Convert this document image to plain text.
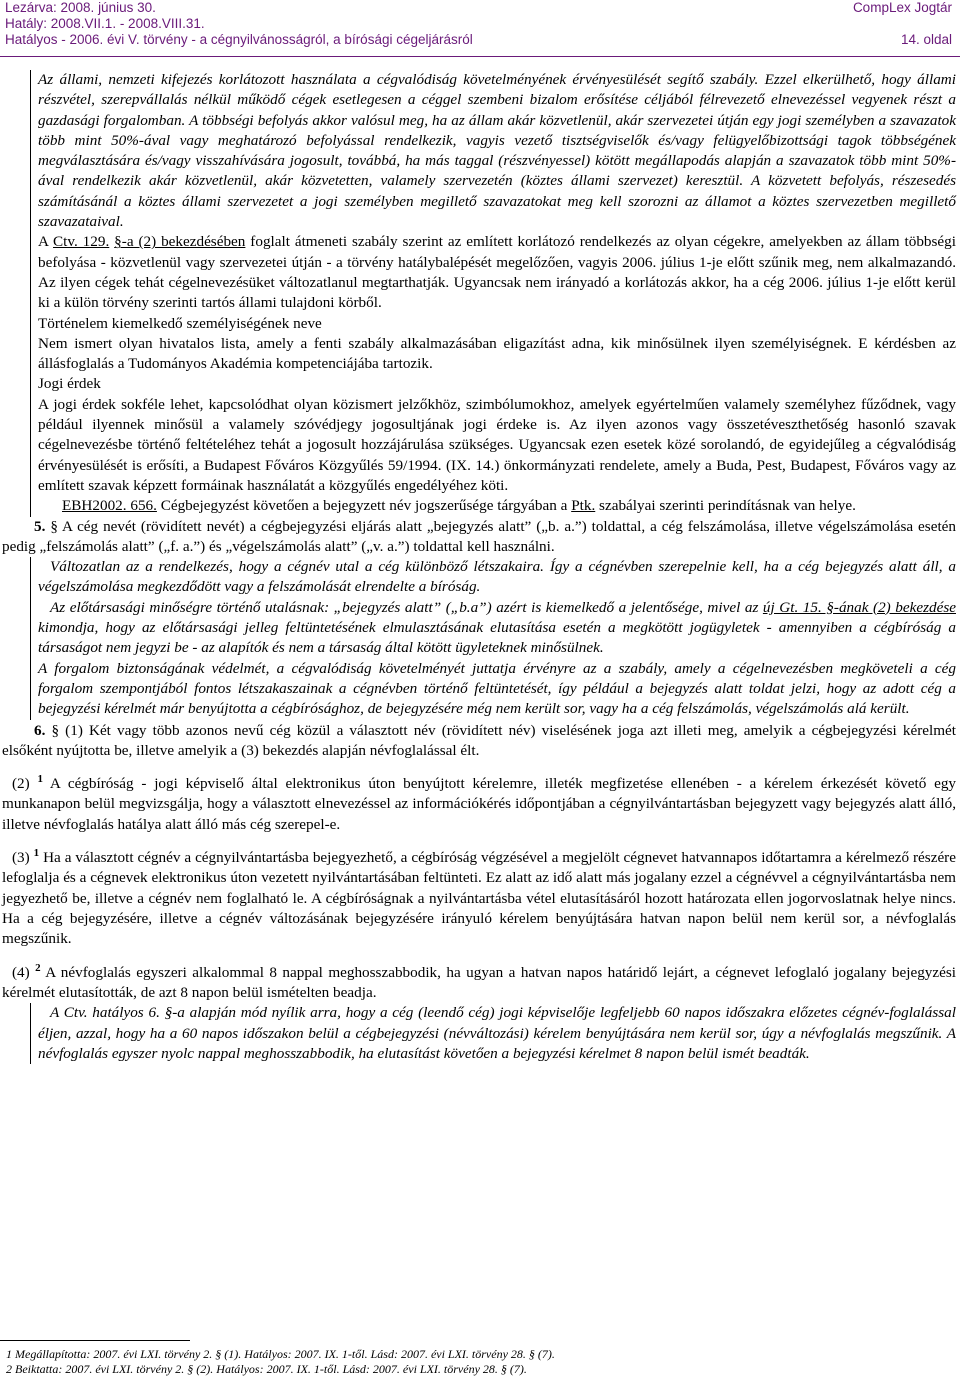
Lezárva: 2008. június 30.
Hatály: 2008.VII.1. - 2008.VIII.31.
Hatályos - 2006. évi V. törvény - a cégnyilvánosságról, a bírósági cégeljárásról
CompLex Jogtár
14. oldal

Az állami, nemzeti kifejezés korlátozott használata a cégvalódiság követelményének érvényesülését segítő szabály. Ezzel elkerülhető, hogy állami részvétel, szerepvállalás nélkül működő cégek esetlegesen a céggel szembeni bizalom erősítése céljából félrevezető elnevezéssel vegyenek részt a gazdasági forgalomban. A többségi befolyás akkor valósul meg, ha az állam akár közvetlenül, akár szervezetei útján egy jogi személyben a szavazatok több mint 50%-ával vagy meghatározó befolyással rendelkezik, vagyis vezető tisztségviselők és/vagy felügyelőbizottsági tagok többségének megválasztására és/vagy visszahívására jogosult, továbbá, ha más taggal (részvényessel) kötött megállapodás alapján a szavazatok több mint 50%-ával rendelkezik akár közvetlenül, akár közvetetten, valamely szervezetén (köztes állami szervezet) keresztül. A közvetett befolyás, részesedés számításánál a köztes állami szervezetet a jogi személyben megillető szavazatokat meg kell szorozni az államot a köztes szervezetben megillető szavazataival.

A Ctv. 129. §-a (2) bekezdésében foglalt átmeneti szabály szerint az említett korlátozó rendelkezés az olyan cégekre, amelyekben az állam többségi befolyása - közvetlenül vagy szervezetei útján - a törvény hatálybalépését megelőzően, vagyis 2006. július 1-je előtt szűnik meg, nem alkalmazandó. Az ilyen cégek tehát cégelnevezésüket változatlanul megtarthatják. Ugyancsak nem irányadó a korlátozás akkor, ha a cég 2006. július 1-je előtt kerül ki a külön törvény szerinti tartós állami tulajdoni körből.

Történelem kiemelkedő személyiségének neve

Nem ismert olyan hivatalos lista, amely a fenti szabály alkalmazásában eligazítást adna, kik minősülnek ilyen személyiségnek. E kérdésben az állásfoglalás a Tudományos Akadémia kompetenciájába tartozik.

Jogi érdek

A jogi érdek sokféle lehet, kapcsolódhat olyan közismert jelzőkhöz, szimbólumokhoz, amelyek egyértelműen valamely személyhez fűződnek, vagy például ilyennek minősül a valamely szóvédjegy jogosultjának jogi érdeke is. Az ilyen azonos vagy összetéveszthetőség hasonló szavak cégelnevezésbe történő feltételéhez tehát a jogosult hozzájárulása szükséges. Ugyancsak ezen esetek közé sorolandó, de egyidejűleg a cégvalódiság érvényesülését is erősíti, a Budapest Főváros Közgyűlés 59/1994. (IX. 14.) önkormányzati rendelete, amely a Buda, Pest, Budapest, Főváros vagy az említett szavak képzett formáinak használatát a közgyűlés engedélyéhez köti.

EBH2002. 656. Cégbejegyzést követően a bejegyzett név jogszerűsége tárgyában a Ptk. szabályai szerinti perindításnak van helye.

5. § A cég nevét (rövidített nevét) a cégbejegyzési eljárás alatt „bejegyzés alatt” („b. a.”) toldattal, a cég felszámolása, illetve végelszámolása esetén pedig „felszámolás alatt” („f. a.”) és „végelszámolás alatt” („v. a.”) toldattal kell használni.

Változatlan az a rendelkezés, hogy a cégnév utal a cég különböző létszakaira. Így a cégnévben szerepelnie kell, ha a cég bejegyzés alatt áll, a végelszámolása megkezdődött vagy a felszámolását elrendelte a bíróság.

Az előtársasági minőségre történő utalásnak: „bejegyzés alatt” („b.a”) azért is kiemelkedő a jelentősége, mivel az új Gt. 15. §-ának (2) bekezdése kimondja, hogy az előtársasági jelleg feltüntetésének elmulasztásának elutasítása esetén a megkötött jogügyletek - amennyiben a cégbíróság a társaságot nem jegyzi be - az alapítók és nem a társaság által kötött ügyleteknek minősülnek.

A forgalom biztonságának védelmét, a cégvalódiság követelményét juttatja érvényre az a szabály, amely a cégelnevezésben megköveteli a cég forgalom szempontjából fontos létszakaszainak a cégnévben történő feltüntetését, így például a bejegyzés alatt toldat jelzi, hogy az adott cég a bejegyzési kérelmét már benyújtotta a cégbírósághoz, de bejegyzésére még nem került sor, vagy ha a cég felszámolás, végelszámolás alá került.

6. § (1) Két vagy több azonos nevű cég közül a választott név (rövidített név) viselésének joga azt illeti meg, amelyik a cégbejegyzési kérelmét elsőként nyújtotta be, illetve amelyik a (3) bekezdés alapján névfoglalással élt.

(2) $^1$ A cégbíróság - jogi képviselő által elektronikus úton benyújtott kérelemre, illeték megfizetése ellenében - a kérelem érkezését követő egy munkanapon belül megvizsgálja, hogy a választott elnevezéssel az információkérés időpontjában a cégnyilvántartásban bejegyzett vagy bejegyzés alatt álló, illetve névfoglalás hatálya alatt álló más cég szerepel-e.

(3) $^1$ Ha a választott cégnév a cégnyilvántartásba bejegyezhető, a cégbíróság végzésével a megjelölt cégnevet hatvannapos időtartamra a kérelmező részére lefoglalja és a cégnevek elektronikus úton vezetett nyilvántartásában feltünteti. Ez alatt az idő alatt más jogalany ezzel a cégnévvel a cégnyilvántartásba nem jegyezhető be, illetve a cégnév nem foglalható le. A cégbíróságnak a nyilvántartásba vétel elutasításáról hozott határozata ellen jogorvoslatnak helye nincs. Ha a cég bejegyzésére, illetve a cégnév változásának bejegyzésére irányuló kérelem benyújtására hatvan napon belül nem kerül sor, a névfoglalás megszűnik.

(4) $^2$ A névfoglalás egyszeri alkalommal 8 nappal meghosszabbodik, ha ugyan a hatvan napos határidő lejárt, a cégnevet lefoglaló jogalany bejegyzési kérelmét elutasították, de azt 8 napon belül ismételten beadja.

A Ctv. hatályos 6. §-a alapján mód nyílik arra, hogy a cég (leendő cég) jogi képviselője legfeljebb 60 napos időszakra előzetes cégnév-foglalással éljen, azzal, hogy ha a 60 napos időszakon belül a cégbejegyzési (névváltozási) kérelem benyújtására nem kerül sor, úgy a névfoglalás megszűnik. A névfoglalás egyszer nyolc nappal meghosszabbodik, ha elutasítást követően a bejegyzési kérelmet 8 napon belül ismét beadták.

1 Megállapította: 2007. évi LXI. törvény 2. § (1). Hatályos: 2007. IX. 1-től. Lásd: 2007. évi LXI. törvény 28. § (7).
2 Beiktatta: 2007. évi LXI. törvény 2. § (2). Hatályos: 2007. IX. 1-től. Lásd: 2007. évi LXI. törvény 28. § (7).
